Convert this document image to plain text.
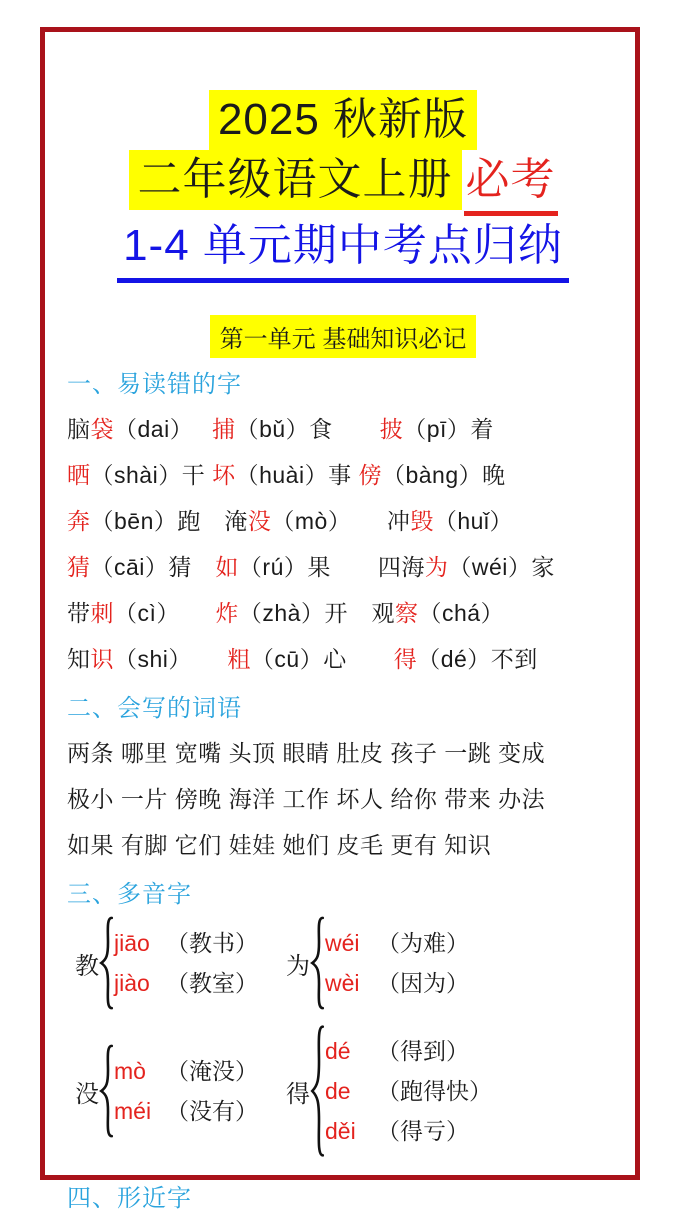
2025 秋新版
二年级语文上册 必考
1-4 单元期中考点归纳
第一单元 基础知识必记
一、易读错的字
脑袋（dai）　 捕（bǔ）食　　披（pī）着
晒（shài）干 坏（huài）事 傍（bàng）晚
奔（bēn）跑　淹没（mò）　　冲毁（huǐ）
猜（cāi）猜　如（rú）果　　四海为（wéi）家
带刺（cì）　　炸（zhà）开　观察（chá）
知识（shi）　　粗（cū）心　　得（dé）不到
二、会写的词语
两条 哪里 宽嘴 头顶 眼睛 肚皮 孩子 一跳 变成
极小 一片 傍晚 海洋 工作 坏人 给你 带来 办法
如果 有脚 它们 娃娃 她们 皮毛 更有 知识
三、多音字
教
jiāo （教书）
jiào （教室）
为
wéi （为难）
wèi （因为）
没
mò （淹没）
méi （没有）
得
dé （得到）
de （跑得快）
děi （得亏）
四、形近字
